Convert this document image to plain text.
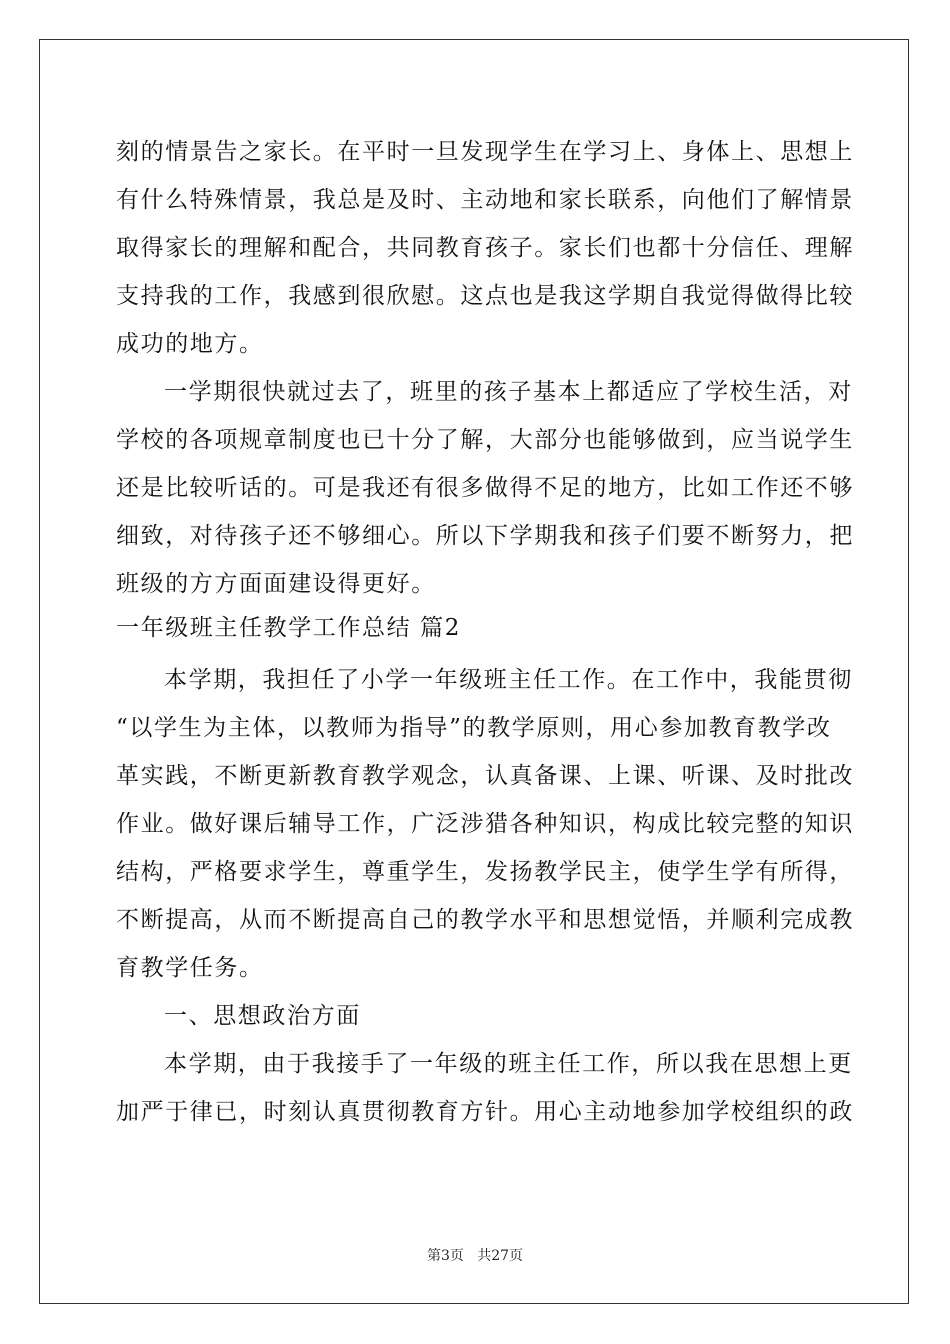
刻的情景告之家长。在平时一旦发现学生在学习上、身体上、思想上
有什么特殊情景，我总是及时、主动地和家长联系，向他们了解情景
取得家长的理解和配合，共同教育孩子。家长们也都十分信任、理解
支持我的工作，我感到很欣慰。这点也是我这学期自我觉得做得比较
成功的地方。
一学期很快就过去了，班里的孩子基本上都适应了学校生活，对
学校的各项规章制度也已十分了解，大部分也能够做到，应当说学生
还是比较听话的。可是我还有很多做得不足的地方，比如工作还不够
细致，对待孩子还不够细心。所以下学期我和孩子们要不断努力，把
班级的方方面面建设得更好。
一年级班主任教学工作总结 篇2
本学期，我担任了小学一年级班主任工作。在工作中，我能贯彻
“以学生为主体，以教师为指导”的教学原则，用心参加教育教学改
革实践，不断更新教育教学观念，认真备课、上课、听课、及时批改
作业。做好课后辅导工作，广泛涉猎各种知识，构成比较完整的知识
结构，严格要求学生，尊重学生，发扬教学民主，使学生学有所得，
不断提高，从而不断提高自己的教学水平和思想觉悟，并顺利完成教
育教学任务。
一、思想政治方面
本学期，由于我接手了一年级的班主任工作，所以我在思想上更
加严于律已，时刻认真贯彻教育方针。用心主动地参加学校组织的政
第3页   共27页
